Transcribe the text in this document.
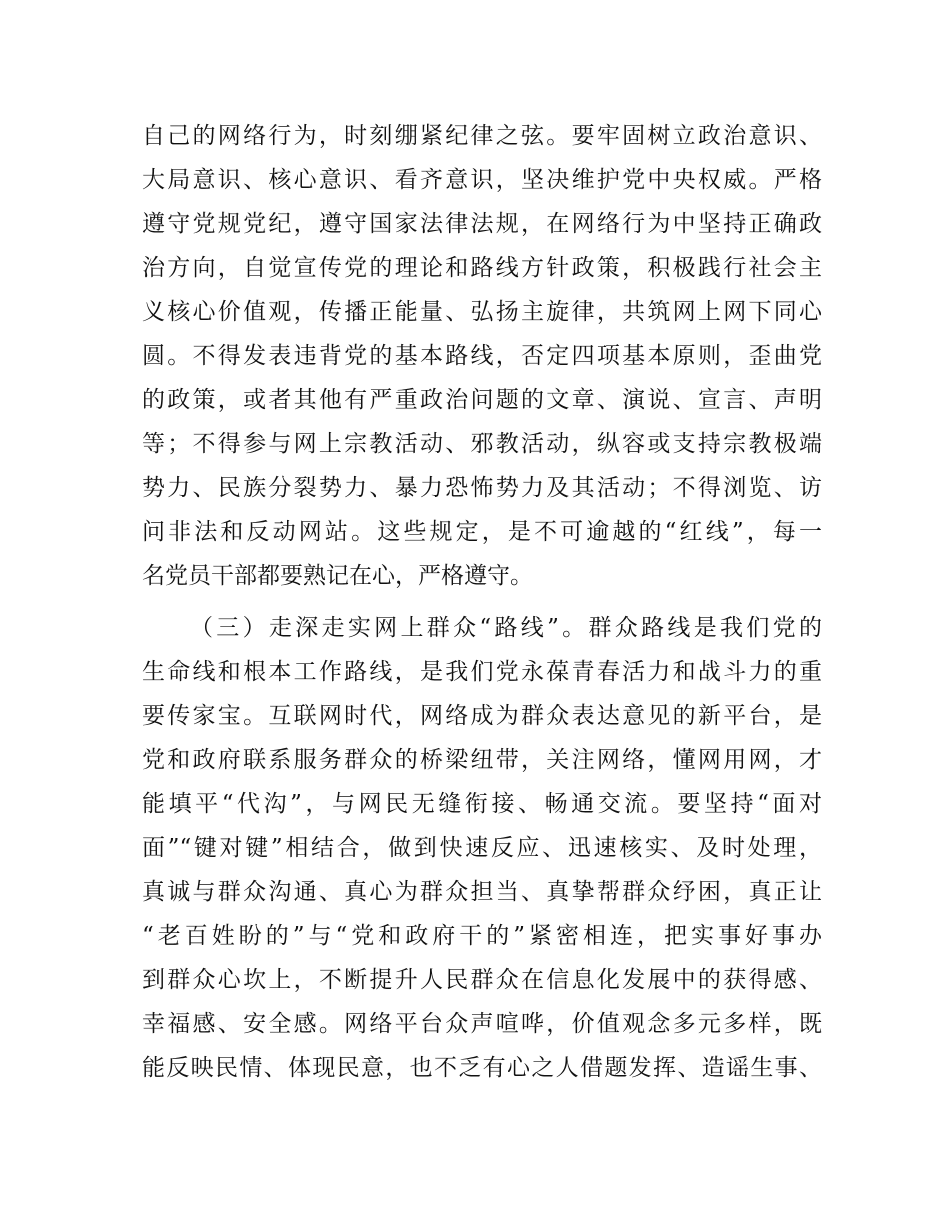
自己的网络行为，时刻绷紧纪律之弦。要牢固树立政治意识、
大局意识、核心意识、看齐意识，坚决维护党中央权威。严格
遵守党规党纪，遵守国家法律法规，在网络行为中坚持正确政
治方向，自觉宣传党的理论和路线方针政策，积极践行社会主
义核心价值观，传播正能量、弘扬主旋律，共筑网上网下同心
圆。不得发表违背党的基本路线，否定四项基本原则，歪曲党
的政策，或者其他有严重政治问题的文章、演说、宣言、声明
等；不得参与网上宗教活动、邪教活动，纵容或支持宗教极端
势力、民族分裂势力、暴力恐怖势力及其活动；不得浏览、访
问非法和反动网站。这些规定，是不可逾越的“红线”，每一
名党员干部都要熟记在心，严格遵守。
（三）走深走实网上群众“路线”。群众路线是我们党的
生命线和根本工作路线，是我们党永葆青春活力和战斗力的重
要传家宝。互联网时代，网络成为群众表达意见的新平台，是
党和政府联系服务群众的桥梁纽带，关注网络，懂网用网，才
能填平“代沟”，与网民无缝衔接、畅通交流。要坚持“面对
面”“键对键”相结合，做到快速反应、迅速核实、及时处理，
真诚与群众沟通、真心为群众担当、真挚帮群众纾困，真正让
“老百姓盼的”与“党和政府干的”紧密相连，把实事好事办
到群众心坎上，不断提升人民群众在信息化发展中的获得感、
幸福感、安全感。网络平台众声喧哗，价值观念多元多样，既
能反映民情、体现民意，也不乏有心之人借题发挥、造谣生事、
